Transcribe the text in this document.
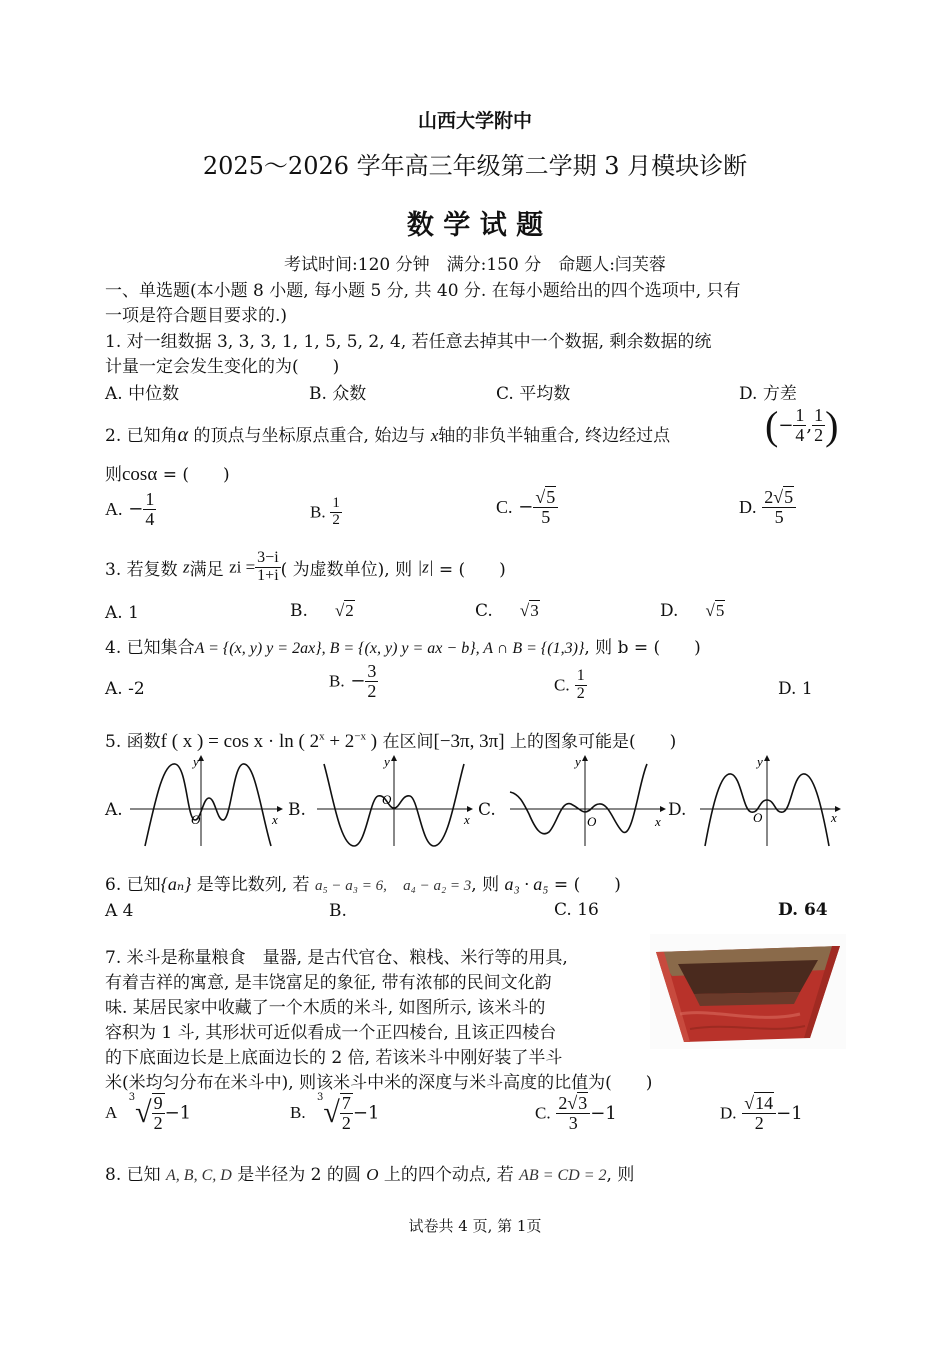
山西大学附中
2025～2026 学年高三年级第二学期 3 月模块诊断
数 学 试 题
考试时间:120 分钟　满分:150 分　命题人:闫芙蓉
一、单选题(本小题 8 小题, 每小题 5 分, 共 40 分. 在每小题给出的四个选项中, 只有
一项是符合题目要求的.)
1. 对一组数据 3, 3, 3, 1, 1, 5, 5, 2, 4, 若任意去掉其中一个数据, 剩余数据的统
计量一定会发生变化的为(　　)
A. 中位数	B. 众数	C. 平均数	D. 方差
2. 已知角α 的顶点与坐标原点重合, 始边与 x轴的非负半轴重合, 终边经过点 (− $\frac{1}{4}$ , $\frac{1}{2}$ )
则cosα = (　　)
A. − $\frac{1}{4}$	B. $\frac{1}{2}$	C. − $\frac{√5}{5}$	D. $\frac{2√5}{5}$
3. 若复数 z满足 zi = $\frac{3-i}{1+i}$ ( 为虚数单位), 则 |z| = (　　)
A. 1	B. √2	C. √3	D. √5
4. 已知集合A = {(x, y) y = 2ax}, B = {(x, y) y = ax − b}, A ∩ B = {(1,3)}, 则 b = (　　)
A. -2	B. − $\frac{3}{2}$	C. $\frac{1}{2}$	D. 1
5. 函数f ( x ) = cos x · ln ( $2^x + 2^{-x}$ ) 在区间[−3π, 3π] 上的图象可能是(　　)
A.	B.	C.	D.
y
x
O
y
x
O
y
x
O
y
x
O
6. 已知{aₙ} 是等比数列, 若 a₅ − a₃ = 6, a₄ − a₂ = 3, 则 a₃ · a₅ = (　　)
A 4	B.	C. 16	D. 64
7. 米斗是称量粮食　量器, 是古代官仓、粮栈、米行等的用具,
有着吉祥的寓意, 是丰饶富足的象征, 带有浓郁的民间文化韵
味. 某居民家中收藏了一个木质的米斗, 如图所示, 该米斗的
容积为 1 斗, 其形状可近似看成一个正四棱台, 且该正四棱台
的下底面边长是上底面边长的 2 倍, 若该米斗中刚好装了半斗
米(米均匀分布在米斗中), 则该米斗中米的深度与米斗高度的比值为(　　)
A  $^3√ \frac{9}{2} -1$	B.  $^3√ \frac{7}{2} -1$	C. $\frac{2√3}{3} -1$	D. $\frac{√14}{2} -1$
8. 已知 A, B, C, D 是半径为 2 的圆 O 上的四个动点, 若 AB = CD = 2, 则
试卷共 4 页, 第 1页
